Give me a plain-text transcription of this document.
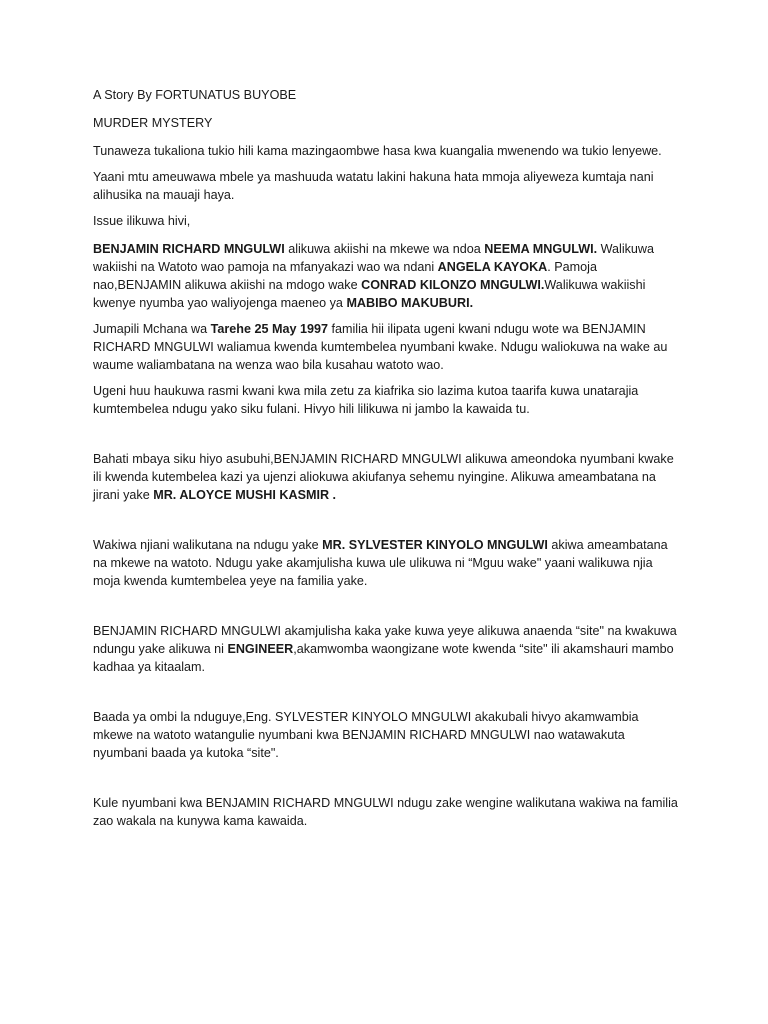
A Story By FORTUNATUS BUYOBE

MURDER MYSTERY

Tunaweza tukaliona tukio hili kama mazingaombwe hasa kwa kuangalia mwenendo wa tukio lenyewe.

Yaani mtu ameuwawa mbele ya mashuuda watatu lakini hakuna hata mmoja aliyeweza kumtaja nani alihusika na mauaji haya.

Issue ilikuwa hivi,

BENJAMIN RICHARD MNGULWI alikuwa akiishi na mkewe wa ndoa NEEMA MNGULWI. Walikuwa wakiishi na Watoto wao pamoja na mfanyakazi wao wa ndani ANGELA KAYOKA. Pamoja nao,BENJAMIN alikuwa akiishi na mdogo wake CONRAD KILONZO MNGULWI.Walikuwa wakiishi kwenye nyumba yao waliyojenga maeneo ya MABIBO MAKUBURI.

Jumapili Mchana wa Tarehe 25 May 1997 familia hii ilipata ugeni kwani ndugu wote wa BENJAMIN RICHARD MNGULWI waliamua kwenda kumtembelea nyumbani kwake. Ndugu waliokuwa na wake au waume waliambatana na wenza wao bila kusahau watoto wao.

Ugeni huu haukuwa rasmi kwani kwa mila zetu za kiafrika sio lazima kutoa taarifa kuwa unatarajia kumtembelea ndugu yako siku fulani. Hivyo hili lilikuwa ni jambo la kawaida tu.

Bahati mbaya siku hiyo asubuhi,BENJAMIN RICHARD MNGULWI alikuwa ameondoka nyumbani kwake ili kwenda kutembelea kazi ya ujenzi aliokuwa akiufanya sehemu nyingine. Alikuwa ameambatana na jirani yake MR. ALOYCE MUSHI KASMIR .

Wakiwa njiani walikutana na ndugu yake MR. SYLVESTER KINYOLO MNGULWI akiwa ameambatana na mkewe na watoto. Ndugu yake akamjulisha kuwa ule ulikuwa ni “Mguu wake" yaani walikuwa njia moja kwenda kumtembelea yeye na familia yake.

BENJAMIN RICHARD MNGULWI akamjulisha kaka yake kuwa yeye alikuwa anaenda “site" na kwakuwa ndungu yake alikuwa ni ENGINEER,akamwomba waongizane wote kwenda “site" ili akamshauri mambo kadhaa ya kitaalam.

Baada ya ombi la nduguye,Eng. SYLVESTER KINYOLO MNGULWI akakubali hivyo akamwambia mkewe na watoto watangulie nyumbani kwa BENJAMIN RICHARD MNGULWI nao watawakuta nyumbani baada ya kutoka “site".

Kule nyumbani kwa BENJAMIN RICHARD MNGULWI ndugu zake wengine walikutana wakiwa na familia zao wakala na kunywa kama kawaida.
